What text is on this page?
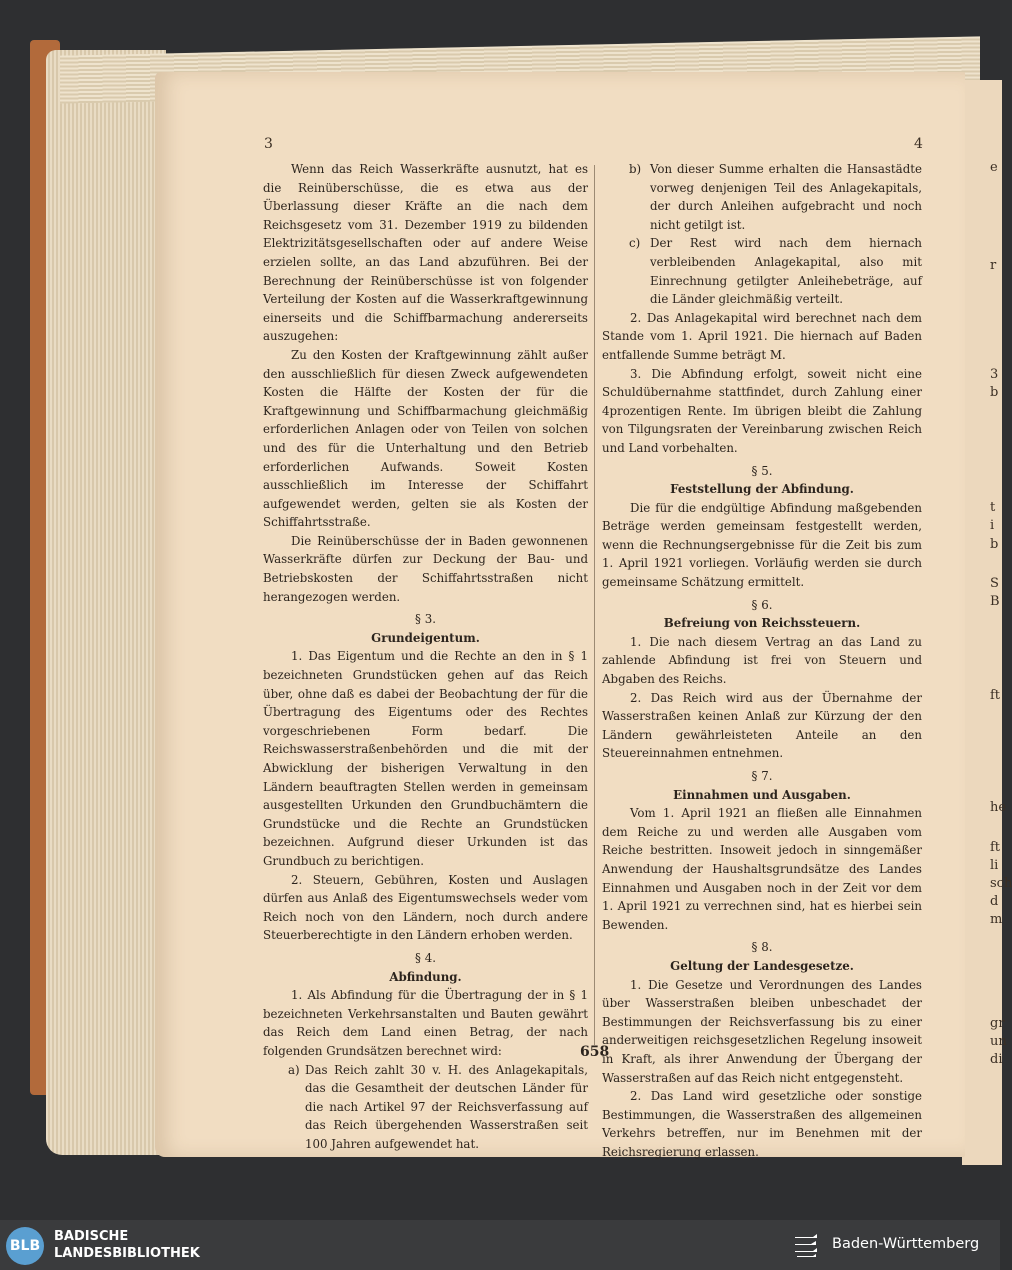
3	4

Wenn das Reich Wasserkräfte ausnutzt, hat es die Reinüberschüsse, die es etwa aus der Überlassung dieser Kräfte an die nach dem Reichsgesetz vom 31. Dezember 1919 zu bildenden Elektrizitätsgesellschaften oder auf andere Weise erzielen sollte, an das Land abzuführen. Bei der Berechnung der Reinüberschüsse ist von folgender Verteilung der Kosten auf die Wasserkraftgewinnung einerseits und die Schiffbarmachung andererseits auszugehen:

Zu den Kosten der Kraftgewinnung zählt außer den ausschließlich für diesen Zweck aufgewendeten Kosten die Hälfte der Kosten der für die Kraftgewinnung und Schiffbarmachung gleichmäßig erforderlichen Anlagen oder von Teilen von solchen und des für die Unterhaltung und den Betrieb erforderlichen Aufwands. Soweit Kosten ausschließlich im Interesse der Schiffahrt aufgewendet werden, gelten sie als Kosten der Schiffahrtsstraße.

Die Reinüberschüsse der in Baden gewonnenen Wasserkräfte dürfen zur Deckung der Bau- und Betriebskosten der Schiffahrtsstraßen nicht herangezogen werden.

§ 3.

Grundeigentum.

1. Das Eigentum und die Rechte an den in § 1 bezeichneten Grundstücken gehen auf das Reich über, ohne daß es dabei der Beobachtung der für die Übertragung des Eigentums oder des Rechtes vorgeschriebenen Form bedarf. Die Reichswasserstraßenbehörden und die mit der Abwicklung der bisherigen Verwaltung in den Ländern beauftragten Stellen werden in gemeinsam ausgestellten Urkunden den Grundbuchämtern die Grundstücke und die Rechte an Grundstücken bezeichnen. Aufgrund dieser Urkunden ist das Grundbuch zu berichtigen.

2. Steuern, Gebühren, Kosten und Auslagen dürfen aus Anlaß des Eigentumswechsels weder vom Reich noch von den Ländern, noch durch andere Steuerberechtigte in den Ländern erhoben werden.

§ 4.

Abfindung.

1. Als Abfindung für die Übertragung der in § 1 bezeichneten Verkehrsanstalten und Bauten gewährt das Reich dem Land einen Betrag, der nach folgenden Grundsätzen berechnet wird:

a) Das Reich zahlt 30 v. H. des Anlagekapitals, das die Gesamtheit der deutschen Länder für die nach Artikel 97 der Reichsverfassung auf das Reich übergehenden Wasserstraßen seit 100 Jahren aufgewendet hat.

b) Von dieser Summe erhalten die Hansastädte vorweg denjenigen Teil des Anlagekapitals, der durch Anleihen aufgebracht und noch nicht getilgt ist.

c) Der Rest wird nach dem hiernach verbleibenden Anlagekapital, also mit Einrechnung getilgter Anleihebeträge, auf die Länder gleichmäßig verteilt.

2. Das Anlagekapital wird berechnet nach dem Stande vom 1. April 1921. Die hiernach auf Baden entfallende Summe beträgt M.

3. Die Abfindung erfolgt, soweit nicht eine Schuldübernahme stattfindet, durch Zahlung einer 4prozentigen Rente. Im übrigen bleibt die Zahlung von Tilgungsraten der Vereinbarung zwischen Reich und Land vorbehalten.

§ 5.

Feststellung der Abfindung.

Die für die endgültige Abfindung maßgebenden Beträge werden gemeinsam festgestellt werden, wenn die Rechnungsergebnisse für die Zeit bis zum 1. April 1921 vorliegen. Vorläufig werden sie durch gemeinsame Schätzung ermittelt.

§ 6.

Befreiung von Reichssteuern.

1. Die nach diesem Vertrag an das Land zu zahlende Abfindung ist frei von Steuern und Abgaben des Reichs.

2. Das Reich wird aus der Übernahme der Wasserstraßen keinen Anlaß zur Kürzung der den Ländern gewährleisteten Anteile an den Steuereinnahmen entnehmen.

§ 7.

Einnahmen und Ausgaben.

Vom 1. April 1921 an fließen alle Einnahmen dem Reiche zu und werden alle Ausgaben vom Reiche bestritten. Insoweit jedoch in sinngemäßer Anwendung der Haushaltsgrundsätze des Landes Einnahmen und Ausgaben noch in der Zeit vor dem 1. April 1921 zu verrechnen sind, hat es hierbei sein Bewenden.

§ 8.

Geltung der Landesgesetze.

1. Die Gesetze und Verordnungen des Landes über Wasserstraßen bleiben unbeschadet der Bestimmungen der Reichsverfassung bis zu einer anderweitigen reichsgesetzlichen Regelung insoweit in Kraft, als ihrer Anwendung der Übergang der Wasserstraßen auf das Reich nicht entgegensteht.

2. Das Land wird gesetzliche oder sonstige Bestimmungen, die Wasserstraßen des allgemeinen Verkehrs betreffen, nur im Benehmen mit der Reichsregierung erlassen.

658
e
r
3
b
t
i
b
S
B
ft
he
ft
li
sch
d
m
gr
un
di
BLB
BADISCHE
LANDESBIBLIOTHEK
Baden-Württemberg
